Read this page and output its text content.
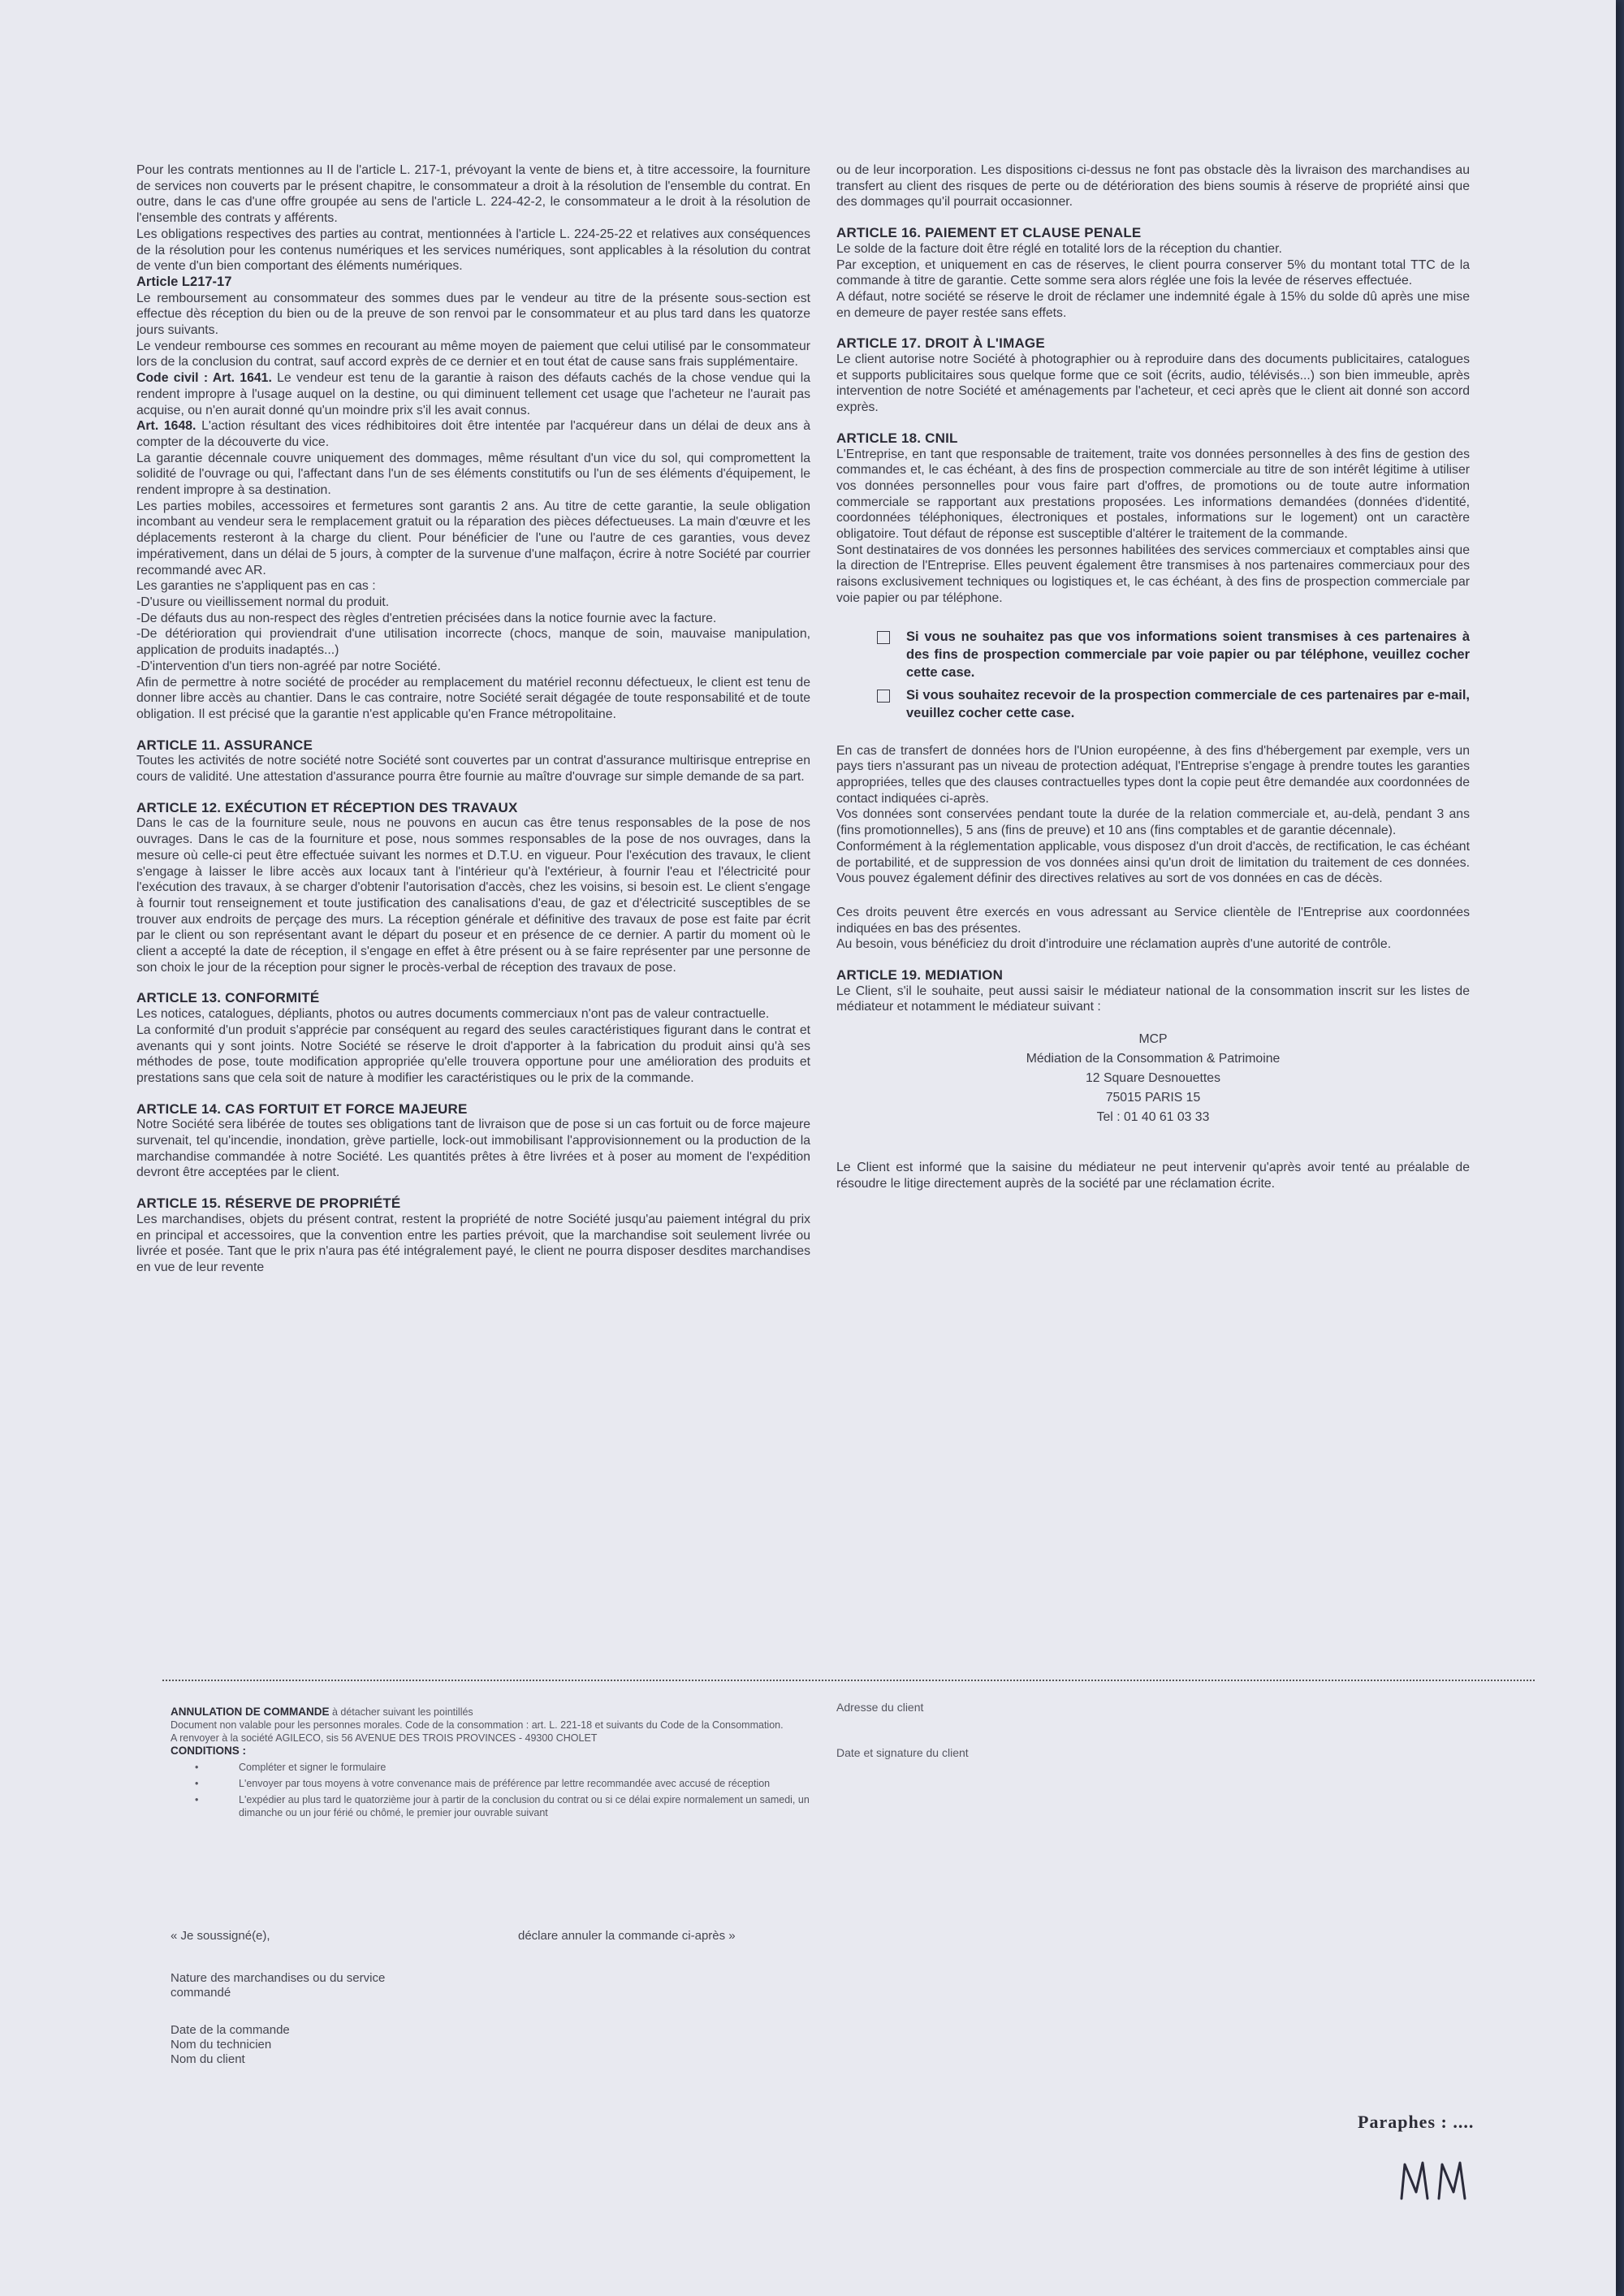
Pour les contrats mentionnes au II de l'article L. 217-1, prévoyant la vente de biens et, à titre accessoire, la fourniture de services non couverts par le présent chapitre, le consommateur a droit à la résolution de l'ensemble du contrat. En outre, dans le cas d'une offre groupée au sens de l'article L. 224-42-2, le consommateur a le droit à la résolution de l'ensemble des contrats y afférents.

Les obligations respectives des parties au contrat, mentionnées à l'article L. 224-25-22 et relatives aux conséquences de la résolution pour les contenus numériques et les services numériques, sont applicables à la résolution du contrat de vente d'un bien comportant des éléments numériques.

Article L217-17

Le remboursement au consommateur des sommes dues par le vendeur au titre de la présente sous-section est effectue dès réception du bien ou de la preuve de son renvoi par le consommateur et au plus tard dans les quatorze jours suivants.

Le vendeur rembourse ces sommes en recourant au même moyen de paiement que celui utilisé par le consommateur lors de la conclusion du contrat, sauf accord exprès de ce dernier et en tout état de cause sans frais supplémentaire.

Code civil : Art. 1641. Le vendeur est tenu de la garantie à raison des défauts cachés de la chose vendue qui la rendent impropre à l'usage auquel on la destine, ou qui diminuent tellement cet usage que l'acheteur ne l'aurait pas acquise, ou n'en aurait donné qu'un moindre prix s'il les avait connus.

Art. 1648. L'action résultant des vices rédhibitoires doit être intentée par l'acquéreur dans un délai de deux ans à compter de la découverte du vice.

La garantie décennale couvre uniquement des dommages, même résultant d'un vice du sol, qui compromettent la solidité de l'ouvrage ou qui, l'affectant dans l'un de ses éléments constitutifs ou l'un de ses éléments d'équipement, le rendent impropre à sa destination.

Les parties mobiles, accessoires et fermetures sont garantis 2 ans. Au titre de cette garantie, la seule obligation incombant au vendeur sera le remplacement gratuit ou la réparation des pièces défectueuses. La main d'œuvre et les déplacements resteront à la charge du client. Pour bénéficier de l'une ou l'autre de ces garanties, vous devez impérativement, dans un délai de 5 jours, à compter de la survenue d'une malfaçon, écrire à notre Société par courrier recommandé avec AR.

Les garanties ne s'appliquent pas en cas :

-D'usure ou vieillissement normal du produit.

-De défauts dus au non-respect des règles d'entretien précisées dans la notice fournie avec la facture.

-De détérioration qui proviendrait d'une utilisation incorrecte (chocs, manque de soin, mauvaise manipulation, application de produits inadaptés...)

-D'intervention d'un tiers non-agréé par notre Société.

Afin de permettre à notre société de procéder au remplacement du matériel reconnu défectueux, le client est tenu de donner libre accès au chantier. Dans le cas contraire, notre Société serait dégagée de toute responsabilité et de toute obligation. Il est précisé que la garantie n'est applicable qu'en France métropolitaine.

ARTICLE 11. ASSURANCE

Toutes les activités de notre société notre Société sont couvertes par un contrat d'assurance multirisque entreprise en cours de validité. Une attestation d'assurance pourra être fournie au maître d'ouvrage sur simple demande de sa part.

ARTICLE 12. EXÉCUTION ET RÉCEPTION DES TRAVAUX

Dans le cas de la fourniture seule, nous ne pouvons en aucun cas être tenus responsables de la pose de nos ouvrages. Dans le cas de la fourniture et pose, nous sommes responsables de la pose de nos ouvrages, dans la mesure où celle-ci peut être effectuée suivant les normes et D.T.U. en vigueur. Pour l'exécution des travaux, le client s'engage à laisser le libre accès aux locaux tant à l'intérieur qu'à l'extérieur, à fournir l'eau et l'électricité pour l'exécution des travaux, à se charger d'obtenir l'autorisation d'accès, chez les voisins, si besoin est. Le client s'engage à fournir tout renseignement et toute justification des canalisations d'eau, de gaz et d'électricité susceptibles de se trouver aux endroits de perçage des murs. La réception générale et définitive des travaux de pose est faite par écrit par le client ou son représentant avant le départ du poseur et en présence de ce dernier. A partir du moment où le client a accepté la date de réception, il s'engage en effet à être présent ou à se faire représenter par une personne de son choix le jour de la réception pour signer le procès-verbal de réception des travaux de pose.

ARTICLE 13. CONFORMITÉ

Les notices, catalogues, dépliants, photos ou autres documents commerciaux n'ont pas de valeur contractuelle.

La conformité d'un produit s'apprécie par conséquent au regard des seules caractéristiques figurant dans le contrat et avenants qui y sont joints. Notre Société se réserve le droit d'apporter à la fabrication du produit ainsi qu'à ses méthodes de pose, toute modification appropriée qu'elle trouvera opportune pour une amélioration des produits et prestations sans que cela soit de nature à modifier les caractéristiques ou le prix de la commande.

ARTICLE 14. CAS FORTUIT ET FORCE MAJEURE

Notre Société sera libérée de toutes ses obligations tant de livraison que de pose si un cas fortuit ou de force majeure survenait, tel qu'incendie, inondation, grève partielle, lock-out immobilisant l'approvisionnement ou la production de la marchandise commandée à notre Société. Les quantités prêtes à être livrées et à poser au moment de l'expédition devront être acceptées par le client.

ARTICLE 15. RÉSERVE DE PROPRIÉTÉ

Les marchandises, objets du présent contrat, restent la propriété de notre Société jusqu'au paiement intégral du prix en principal et accessoires, que la convention entre les parties prévoit, que la marchandise soit seulement livrée ou livrée et posée. Tant que le prix n'aura pas été intégralement payé, le client ne pourra disposer desdites marchandises en vue de leur revente

ou de leur incorporation. Les dispositions ci-dessus ne font pas obstacle dès la livraison des marchandises au transfert au client des risques de perte ou de détérioration des biens soumis à réserve de propriété ainsi que des dommages qu'il pourrait occasionner.

ARTICLE 16. PAIEMENT ET CLAUSE PENALE

Le solde de la facture doit être réglé en totalité lors de la réception du chantier.

Par exception, et uniquement en cas de réserves, le client pourra conserver 5% du montant total TTC de la commande à titre de garantie. Cette somme sera alors réglée une fois la levée de réserves effectuée.

A défaut, notre société se réserve le droit de réclamer une indemnité égale à 15% du solde dû après une mise en demeure de payer restée sans effets.

ARTICLE 17. DROIT À L'IMAGE

Le client autorise notre Société à photographier ou à reproduire dans des documents publicitaires, catalogues et supports publicitaires sous quelque forme que ce soit (écrits, audio, télévisés...) son bien immeuble, après intervention de notre Société et aménagements par l'acheteur, et ceci après que le client ait donné son accord exprès.

ARTICLE 18. CNIL

L'Entreprise, en tant que responsable de traitement, traite vos données personnelles à des fins de gestion des commandes et, le cas échéant, à des fins de prospection commerciale au titre de son intérêt légitime à utiliser vos données personnelles pour vous faire part d'offres, de promotions ou de toute autre information commerciale se rapportant aux prestations proposées. Les informations demandées (données d'identité, coordonnées téléphoniques, électroniques et postales, informations sur le logement) ont un caractère obligatoire. Tout défaut de réponse est susceptible d'altérer le traitement de la commande.

Sont destinataires de vos données les personnes habilitées des services commerciaux et comptables ainsi que la direction de l'Entreprise. Elles peuvent également être transmises à nos partenaires commerciaux pour des raisons exclusivement techniques ou logistiques et, le cas échéant, à des fins de prospection commerciale par voie papier ou par téléphone.

Si vous ne souhaitez pas que vos informations soient transmises à ces partenaires à des fins de prospection commerciale par voie papier ou par téléphone, veuillez cocher cette case.
Si vous souhaitez recevoir de la prospection commerciale de ces partenaires par e-mail, veuillez cocher cette case.

En cas de transfert de données hors de l'Union européenne, à des fins d'hébergement par exemple, vers un pays tiers n'assurant pas un niveau de protection adéquat, l'Entreprise s'engage à prendre toutes les garanties appropriées, telles que des clauses contractuelles types dont la copie peut être demandée aux coordonnées de contact indiquées ci-après.

Vos données sont conservées pendant toute la durée de la relation commerciale et, au-delà, pendant 3 ans (fins promotionnelles), 5 ans (fins de preuve) et 10 ans (fins comptables et de garantie décennale).

Conformément à la réglementation applicable, vous disposez d'un droit d'accès, de rectification, le cas échéant de portabilité, et de suppression de vos données ainsi qu'un droit de limitation du traitement de ces données. Vous pouvez également définir des directives relatives au sort de vos données en cas de décès.

Ces droits peuvent être exercés en vous adressant au Service clientèle de l'Entreprise aux coordonnées indiquées en bas des présentes.

Au besoin, vous bénéficiez du droit d'introduire une réclamation auprès d'une autorité de contrôle.

ARTICLE 19. MEDIATION

Le Client, s'il le souhaite, peut aussi saisir le médiateur national de la consommation inscrit sur les listes de médiateur et notamment le médiateur suivant :

MCP
Médiation de la Consommation & Patrimoine
12 Square Desnouettes
75015 PARIS 15
Tel : 01 40 61 03 33

Le Client est informé que la saisine du médiateur ne peut intervenir qu'après avoir tenté au préalable de résoudre le litige directement auprès de la société par une réclamation écrite.

ANNULATION DE COMMANDE à détacher suivant les pointillés
Document non valable pour les personnes morales. Code de la consommation : art. L. 221-18 et suivants du Code de la Consommation.
A renvoyer à la société AGILECO, sis 56 AVENUE DES TROIS PROVINCES - 49300 CHOLET
CONDITIONS :
• Compléter et signer le formulaire
• L'envoyer par tous moyens à votre convenance mais de préférence par lettre recommandée avec accusé de réception
• L'expédier au plus tard le quatorzième jour à partir de la conclusion du contrat ou si ce délai expire normalement un samedi, un dimanche ou un jour férié ou chômé, le premier jour ouvrable suivant
Adresse du client
Date et signature du client
« Je soussigné(e),	déclare annuler la commande ci-après »
Nature des marchandises ou du service commandé
Date de la commande
Nom du technicien
Nom du client
Paraphes : ....
